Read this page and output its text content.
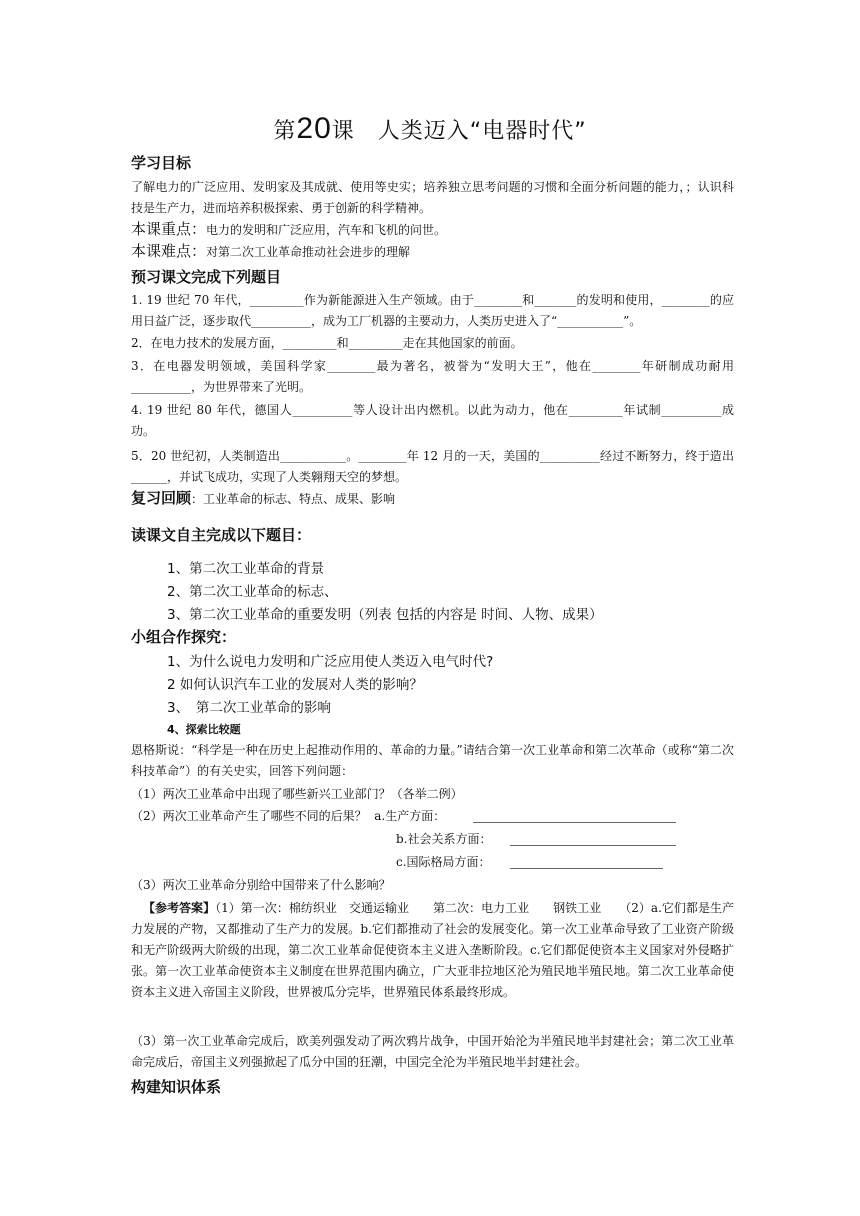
第20课　人类迈入“电器时代”
学习目标
了解电力的广泛应用、发明家及其成就、使用等史实；培养独立思考问题的习惯和全面分析问题的能力，；认识科技是生产力，进而培养积极探索、勇于创新的科学精神。
本课重点：电力的发明和广泛应用，汽车和飞机的问世。
本课难点：对第二次工业革命推动社会进步的理解
预习课文完成下列题目
1. 19 世纪 70 年代，_________作为新能源进入生产领域。由于________和_______的发明和使用，________的应用日益广泛，逐步取代__________，成为工厂机器的主要动力，人类历史进入了“___________”。
2．在电力技术的发展方面，_________和_________走在其他国家的前面。
3．在电器发明领域，美国科学家________最为著名，被誉为“发明大王”，他在________年研制成功耐用__________，为世界带来了光明。
4. 19 世纪 80 年代，德国人__________等人设计出内燃机。以此为动力，他在_________年试制__________成功。
5．20 世纪初，人类制造出___________。________年 12 月的一天，美国的__________经过不断努力，终于造出______，并试飞成功，实现了人类翱翔天空的梦想。
复习回顾：工业革命的标志、特点、成果、影响
读课文自主完成以下题目：
1、第二次工业革命的背景
2、第二次工业革命的标志、
3、第二次工业革命的重要发明（列表 包括的内容是 时间、人物、成果）
小组合作探究：
1、为什么说电力发明和广泛应用使人类迈入电气时代?
2 如何认识汽车工业的发展对人类的影响？
3、　第二次工业革命的影响
4、探索比较题
恩格斯说：“科学是一种在历史上起推动作用的、革命的力量。”请结合第一次工业革命和第二次革命（或称“第二次科技革命”）的有关史实，回答下列问题：
（1）两次工业革命中出现了哪些新兴工业部门？（各举二例）
（2）两次工业革命产生了哪些不同的后果？  a.生产方面：
b.社会关系方面：
c.国际格局方面：
（3）两次工业革命分别给中国带来了什么影响？
【参考答案】（1）第一次：棉纺织业　交通运输业　　第二次：电力工业　　钢铁工业　　（2）a.它们都是生产力发展的产物，又都推动了生产力的发展。b.它们都推动了社会的发展变化。第一次工业革命导致了工业资产阶级和无产阶级两大阶级的出现，第二次工业革命促使资本主义进入垄断阶段。c.它们都促使资本主义国家对外侵略扩张。第一次工业革命使资本主义制度在世界范围内确立，广大亚非拉地区沦为殖民地半殖民地。第二次工业革命使资本主义进入帝国主义阶段，世界被瓜分完毕，世界殖民体系最终形成。
（3）第一次工业革命完成后，欧美列强发动了两次鸦片战争，中国开始沦为半殖民地半封建社会；第二次工业革命完成后，帝国主义列强掀起了瓜分中国的狂潮，中国完全沦为半殖民地半封建社会。
构建知识体系
